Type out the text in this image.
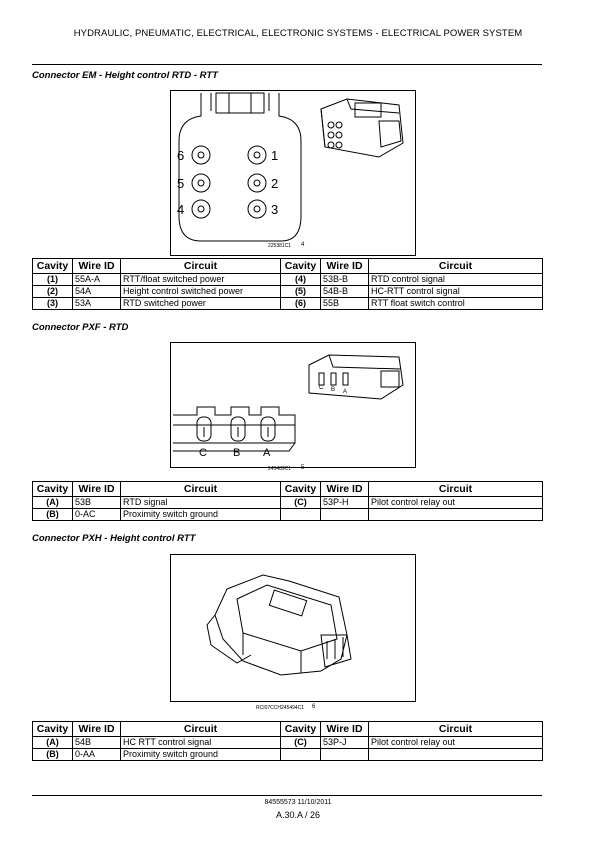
HYDRAULIC, PNEUMATIC, ELECTRICAL, ELECTRONIC SYSTEMS - ELECTRICAL POWER SYSTEM
Connector EM - Height control RTD - RTT
6
5
4
1
2
3
225381C1 4
Cavity	Wire ID	Circuit	Cavity	Wire ID	Circuit
(1)	55A-A	RTT/float switched power	(4)	53B-B	RTD control signal
(2)	54A	Height control switched power	(5)	54B-B	HC-RTT control signal
(3)	53A	RTD switched power	(6)	55B	RTT float switch control
Connector PXF - RTD
C B A
C B A
245489C1 5
Cavity	Wire ID	Circuit	Cavity	Wire ID	Circuit
(A)	53B	RTD signal	(C)	53P-H	Pilot control relay out
(B)	0-AC	Proximity switch ground			
Connector PXH - Height control RTT
RCI07CCH245494C1 6
Cavity	Wire ID	Circuit	Cavity	Wire ID	Circuit
(A)	54B	HC RTT control signal	(C)	53P-J	Pilot control relay out
(B)	0-AA	Proximity switch ground			
84555573 11/10/2011
A.30.A / 26
